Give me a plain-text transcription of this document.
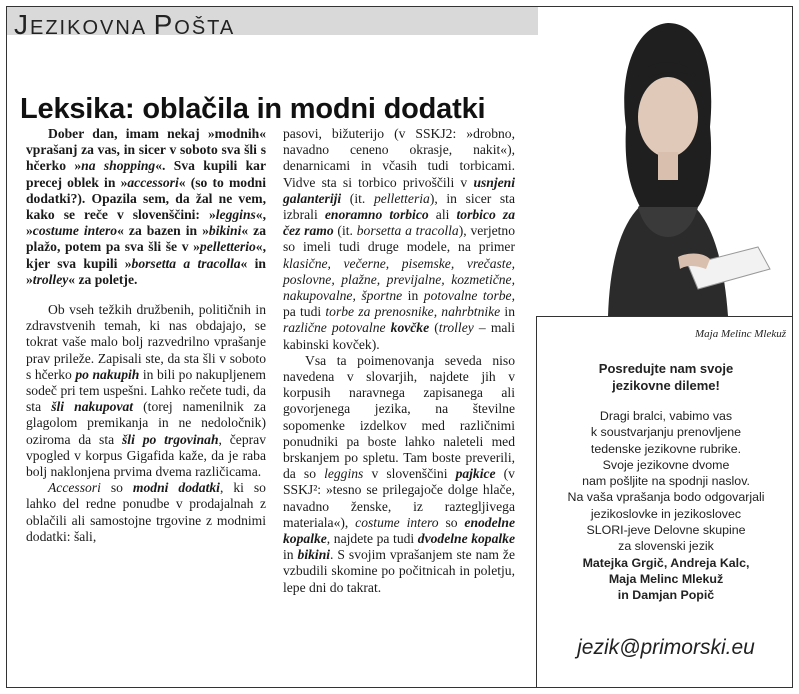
JEZIKOVNA POŠTA
Leksika: oblačila in modni dodatki

Dober dan, imam nekaj »modnih« vprašanj za vas, in sicer v soboto sva šli s hčerko »na shopping«. Sva kupili kar precej oblek in »accessori« (so to modni dodatki?). Opazila sem, da žal ne vem, kako se reče v slovenščini: »leggins«, »costume intero« za bazen in »bikini« za plažo, potem pa sva šli še v »pelletterio«, kjer sva kupili »borsetta a tracolla« in »trolley« za poletje.

Ob vseh težkih družbenih, političnih in zdravstvenih temah, ki nas obdajajo, se tokrat vaše malo bolj razvedrilno vprašanje prav prileže. Zapisali ste, da sta šli v soboto s hčerko po nakupih in bili po nakupljenem sodeč pri tem uspešni. Lahko rečete tudi, da sta šli nakupovat (torej namenilnik za glagolom premikanja in ne nedoločnik) oziroma da sta šli po trgovinah, čeprav vpogled v korpus Gigafida kaže, da je raba bolj naklonjena prvima dvema različicama.

Accessori so modni dodatki, ki so lahko del redne ponudbe v prodajalnah z oblačili ali samostojne trgovine z modnimi dodatki: šali,

pasovi, bižuterijo (v SSKJ2: »drobno, navadno ceneno okrasje, nakit«), denarnicami in včasih tudi torbicami. Vidve sta si torbico privoščili v usnjeni galanteriji (it. pelletteria), in sicer sta izbrali enoramno torbico ali torbico za čez ramo (it. borsetta a tracolla), verjetno so imeli tudi druge modele, na primer klasične, večerne, pisemske, vrečaste, poslovne, plažne, previjalne, kozmetične, nakupovalne, športne in potovalne torbe, pa tudi torbe za prenosnike, nahrbtnike in različne potovalne kovčke (trolley – mali kabinski kovček).

Vsa ta poimenovanja seveda niso navedena v slovarjih, najdete jih v korpusih naravnega zapisanega ali govorjenega jezika, na številne sopomenke izdelkov med različnimi ponudniki pa boste lahko naleteli med brskanjem po spletu. Tam boste preverili, da so leggins v slovenščini pajkice (v SSKJ²: »tesno se prilegajoče dolge hlače, navadno ženske, iz raztegljivega materiala«), costume intero so enodelne kopalke, najdete pa tudi dvodelne kopalke in bikini. S svojim vprašanjem ste nam že vzbudili skomine po počitnicah in poletju, lepe dni do takrat.

Maja Melinc Mlekuž
Posredujte nam svoje
jezikovne dileme!
Dragi bralci, vabimo vas
k soustvarjanju prenovljene
tedenske jezikovne rubrike.
Svoje jezikovne dvome
nam pošljite na spodnji naslov.
Na vaša vprašanja bodo odgovarjali
jezikoslovke in jezikoslovec
SLORI-jeve Delovne skupine
za slovenski jezik
Matejka Grgič, Andreja Kalc,
Maja Melinc Mlekuž
in Damjan Popič
jezik@primorski.eu
